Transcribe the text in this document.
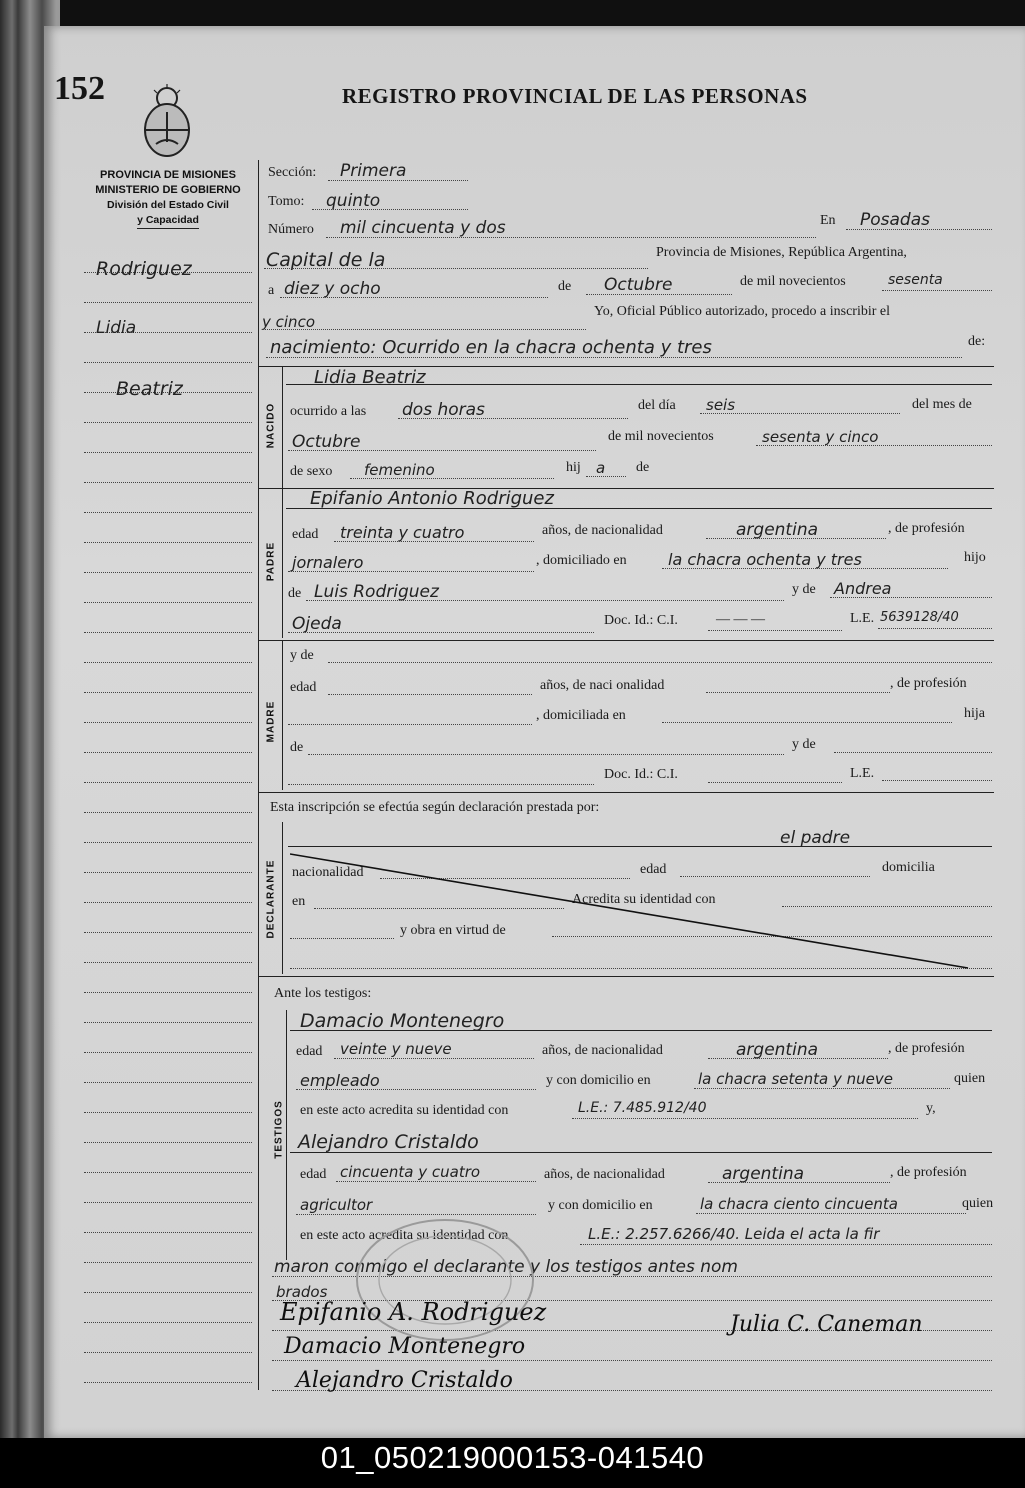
152	REGISTRO PROVINCIAL DE LAS PERSONAS
PROVINCIA DE MISIONES
MINISTERIO DE GOBIERNO
División del Estado Civil
y Capacidad
Rodriguez
Lidia
Beatriz
Sección: Primera
Tomo: quinto
Número mil cincuenta y dos	En Posadas
Capital de la	Provincia de Misiones, República Argentina,
a diez y ocho	de Octubre	de mil novecientos	sesenta
y cinco
Yo, Oficial Público autorizado, procedo a inscribir el
nacimiento: Ocurrido en la chacra ochenta y tres	de:
NACIDO
Lidia Beatriz
ocurrido a las dos horas	del día seis	del mes de
Octubre	de mil novecientos	sesenta y cinco
de sexo femenino	hij a de
PADRE
Epifanio Antonio Rodriguez
edad treinta y cuatro	años, de nacionalidad	argentina	, de profesión
jornalero	, domiciliado en	la chacra ochenta y tres	hijo
de Luis Rodriguez	y de Andrea
Ojeda	Doc. Id.: C.I.	— — —	L.E. 5639128/40
MADRE
y de
edad	años, de naci onalidad	, de profesión
, domiciliada en	hija
de	y de
Doc. Id.: C.I.	L.E.
Esta inscripción se efectúa según declaración prestada por:
DECLARANTE
el padre
nacionalidad	edad	domicilia
en	Acredita su identidad con
y obra en virtud de
Ante los testigos:
TESTIGOS
Damacio Montenegro
edad veinte y nueve	años, de nacionalidad	argentina	, de profesión
empleado	y con domicilio en	la chacra setenta y nueve	quien
en este acto acredita su identidad con	L.E.: 7.485.912/40	y,
Alejandro Cristaldo
edad cincuenta y cuatro	años, de nacionalidad	argentina	, de profesión
agricultor	y con domicilio en	la chacra ciento cincuenta	quien
en este acto acredita su identidad con	L.E.: 2.257.6266/40. Leida el acta la fir
maron conmigo el declarante y los testigos antes nom
brados
Epifanio A. Rodriguez
Damacio Montenegro
Alejandro Cristaldo
Julia C. Caneman
01_050219000153-041540
